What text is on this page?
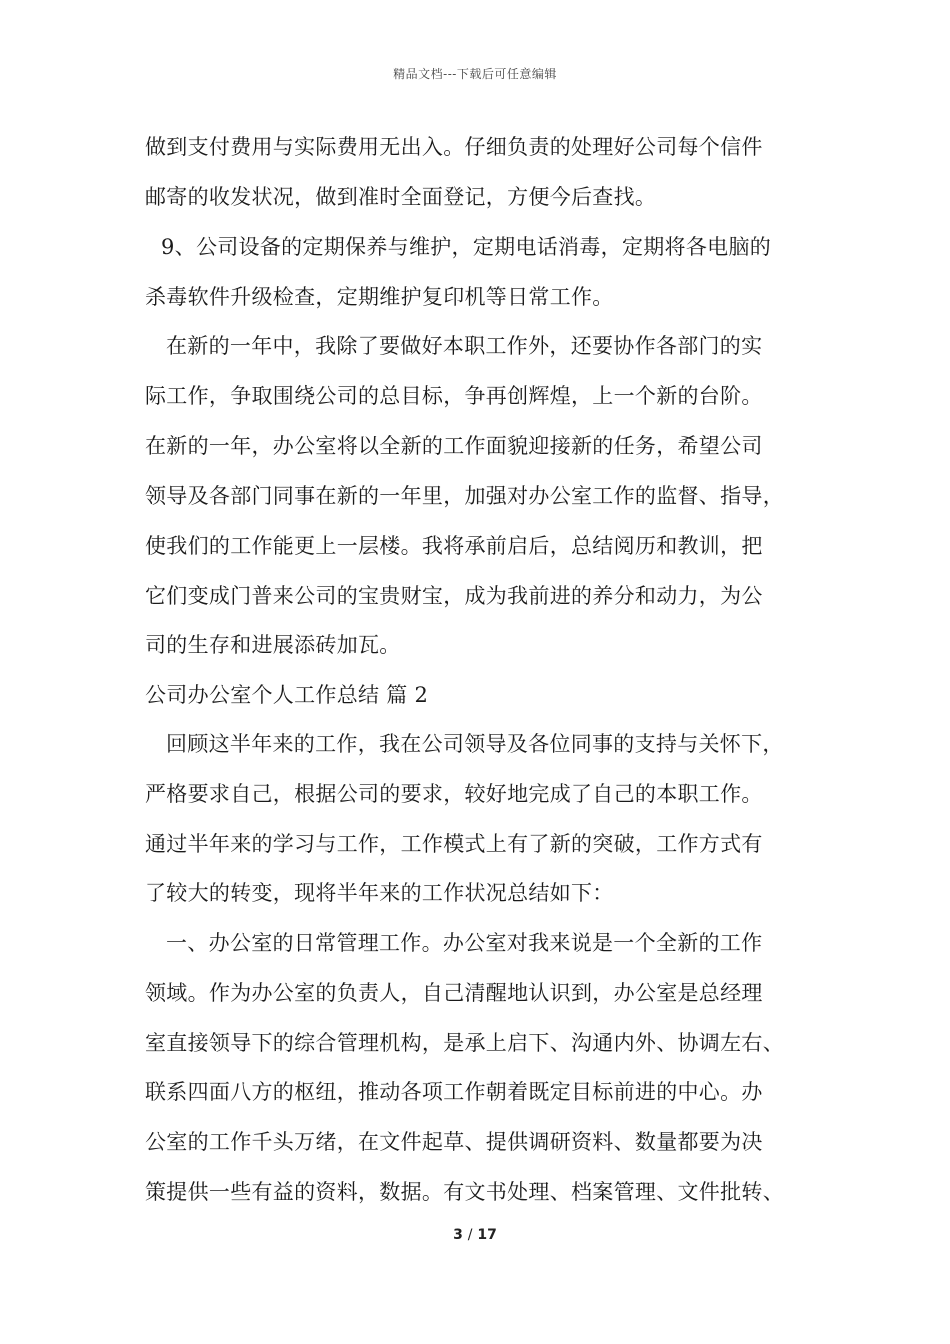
精品文档---下载后可任意编辑
做到支付费用与实际费用无出入。仔细负责的处理好公司每个信件
邮寄的收发状况，做到准时全面登记，方便今后查找。
9、公司设备的定期保养与维护，定期电话消毒，定期将各电脑的
杀毒软件升级检查，定期维护复印机等日常工作。
在新的一年中，我除了要做好本职工作外，还要协作各部门的实
际工作，争取围绕公司的总目标，争再创辉煌，上一个新的台阶。
在新的一年，办公室将以全新的工作面貌迎接新的任务，希望公司
领导及各部门同事在新的一年里，加强对办公室工作的监督、指导，
使我们的工作能更上一层楼。我将承前启后，总结阅历和教训，把
它们变成门普来公司的宝贵财宝，成为我前进的养分和动力，为公
司的生存和进展添砖加瓦。
公司办公室个人工作总结 篇 2
回顾这半年来的工作，我在公司领导及各位同事的支持与关怀下，
严格要求自己，根据公司的要求，较好地完成了自己的本职工作。
通过半年来的学习与工作，工作模式上有了新的突破，工作方式有
了较大的转变，现将半年来的工作状况总结如下：
一、办公室的日常管理工作。办公室对我来说是一个全新的工作
领域。作为办公室的负责人，自己清醒地认识到，办公室是总经理
室直接领导下的综合管理机构，是承上启下、沟通内外、协调左右、
联系四面八方的枢纽，推动各项工作朝着既定目标前进的中心。办
公室的工作千头万绪，在文件起草、提供调研资料、数量都要为决
策提供一些有益的资料，数据。有文书处理、档案管理、文件批转、
3 / 17
